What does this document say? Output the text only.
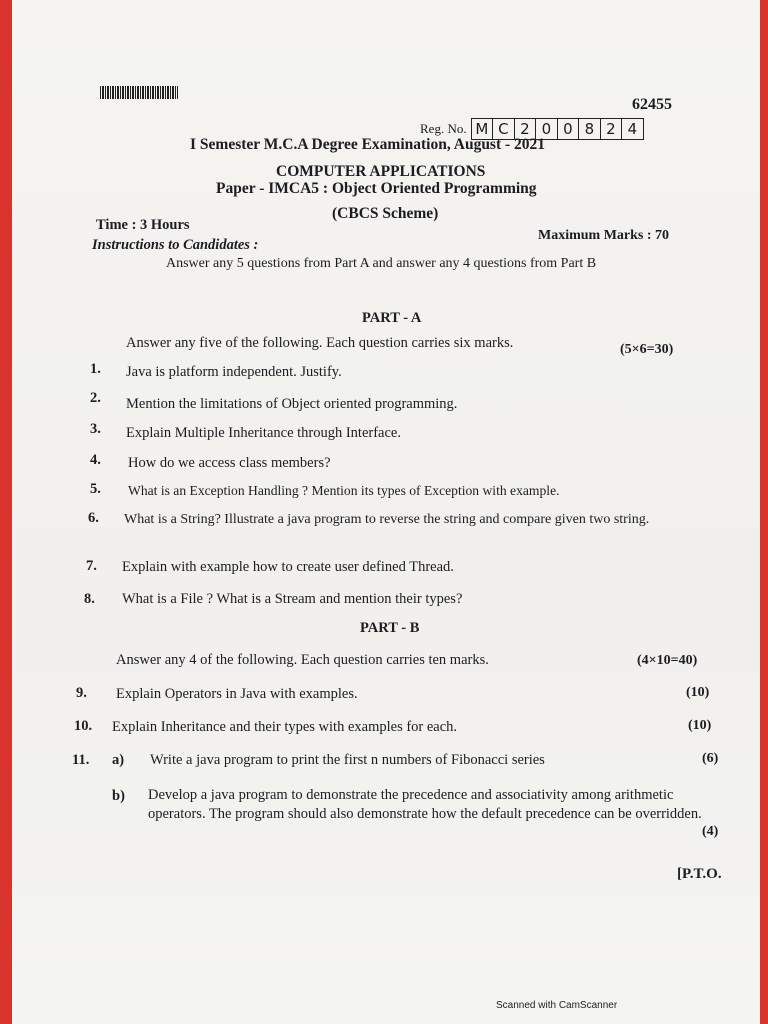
62455
Reg. No. M C 2 0 0 8 2 4
I Semester M.C.A Degree Examination, August - 2021
COMPUTER APPLICATIONS
Paper - IMCA5 : Object Oriented Programming
(CBCS Scheme)
Time : 3 Hours
Maximum Marks : 70
Instructions to Candidates :
Answer any 5 questions from Part A and answer any 4 questions from Part B
PART - A
Answer any five of the following. Each question carries six marks.	(5×6=30)
1. Java is platform independent. Justify.
2. Mention the limitations of Object oriented programming.
3. Explain Multiple Inheritance through Interface.
4. How do we access class members?
5. What is an Exception Handling ? Mention its types of Exception with example.
6. What is a String? Illustrate a java program to reverse the string and compare given two string.
7. Explain with example how to create user defined Thread.
8. What is a File ? What is a Stream and mention their types?
PART - B
Answer any 4 of the following. Each question carries ten marks.	(4×10=40)
9. Explain Operators in Java with examples.	(10)
10. Explain Inheritance and their types with examples for each.	(10)
11. a) Write a java program to print the first n numbers of Fibonacci series	(6)
b) Develop a java program to demonstrate the precedence and associativity among arithmetic operators. The program should also demonstrate how the default precedence can be overridden.
(4)
[P.T.O.
Scanned with CamScanner
